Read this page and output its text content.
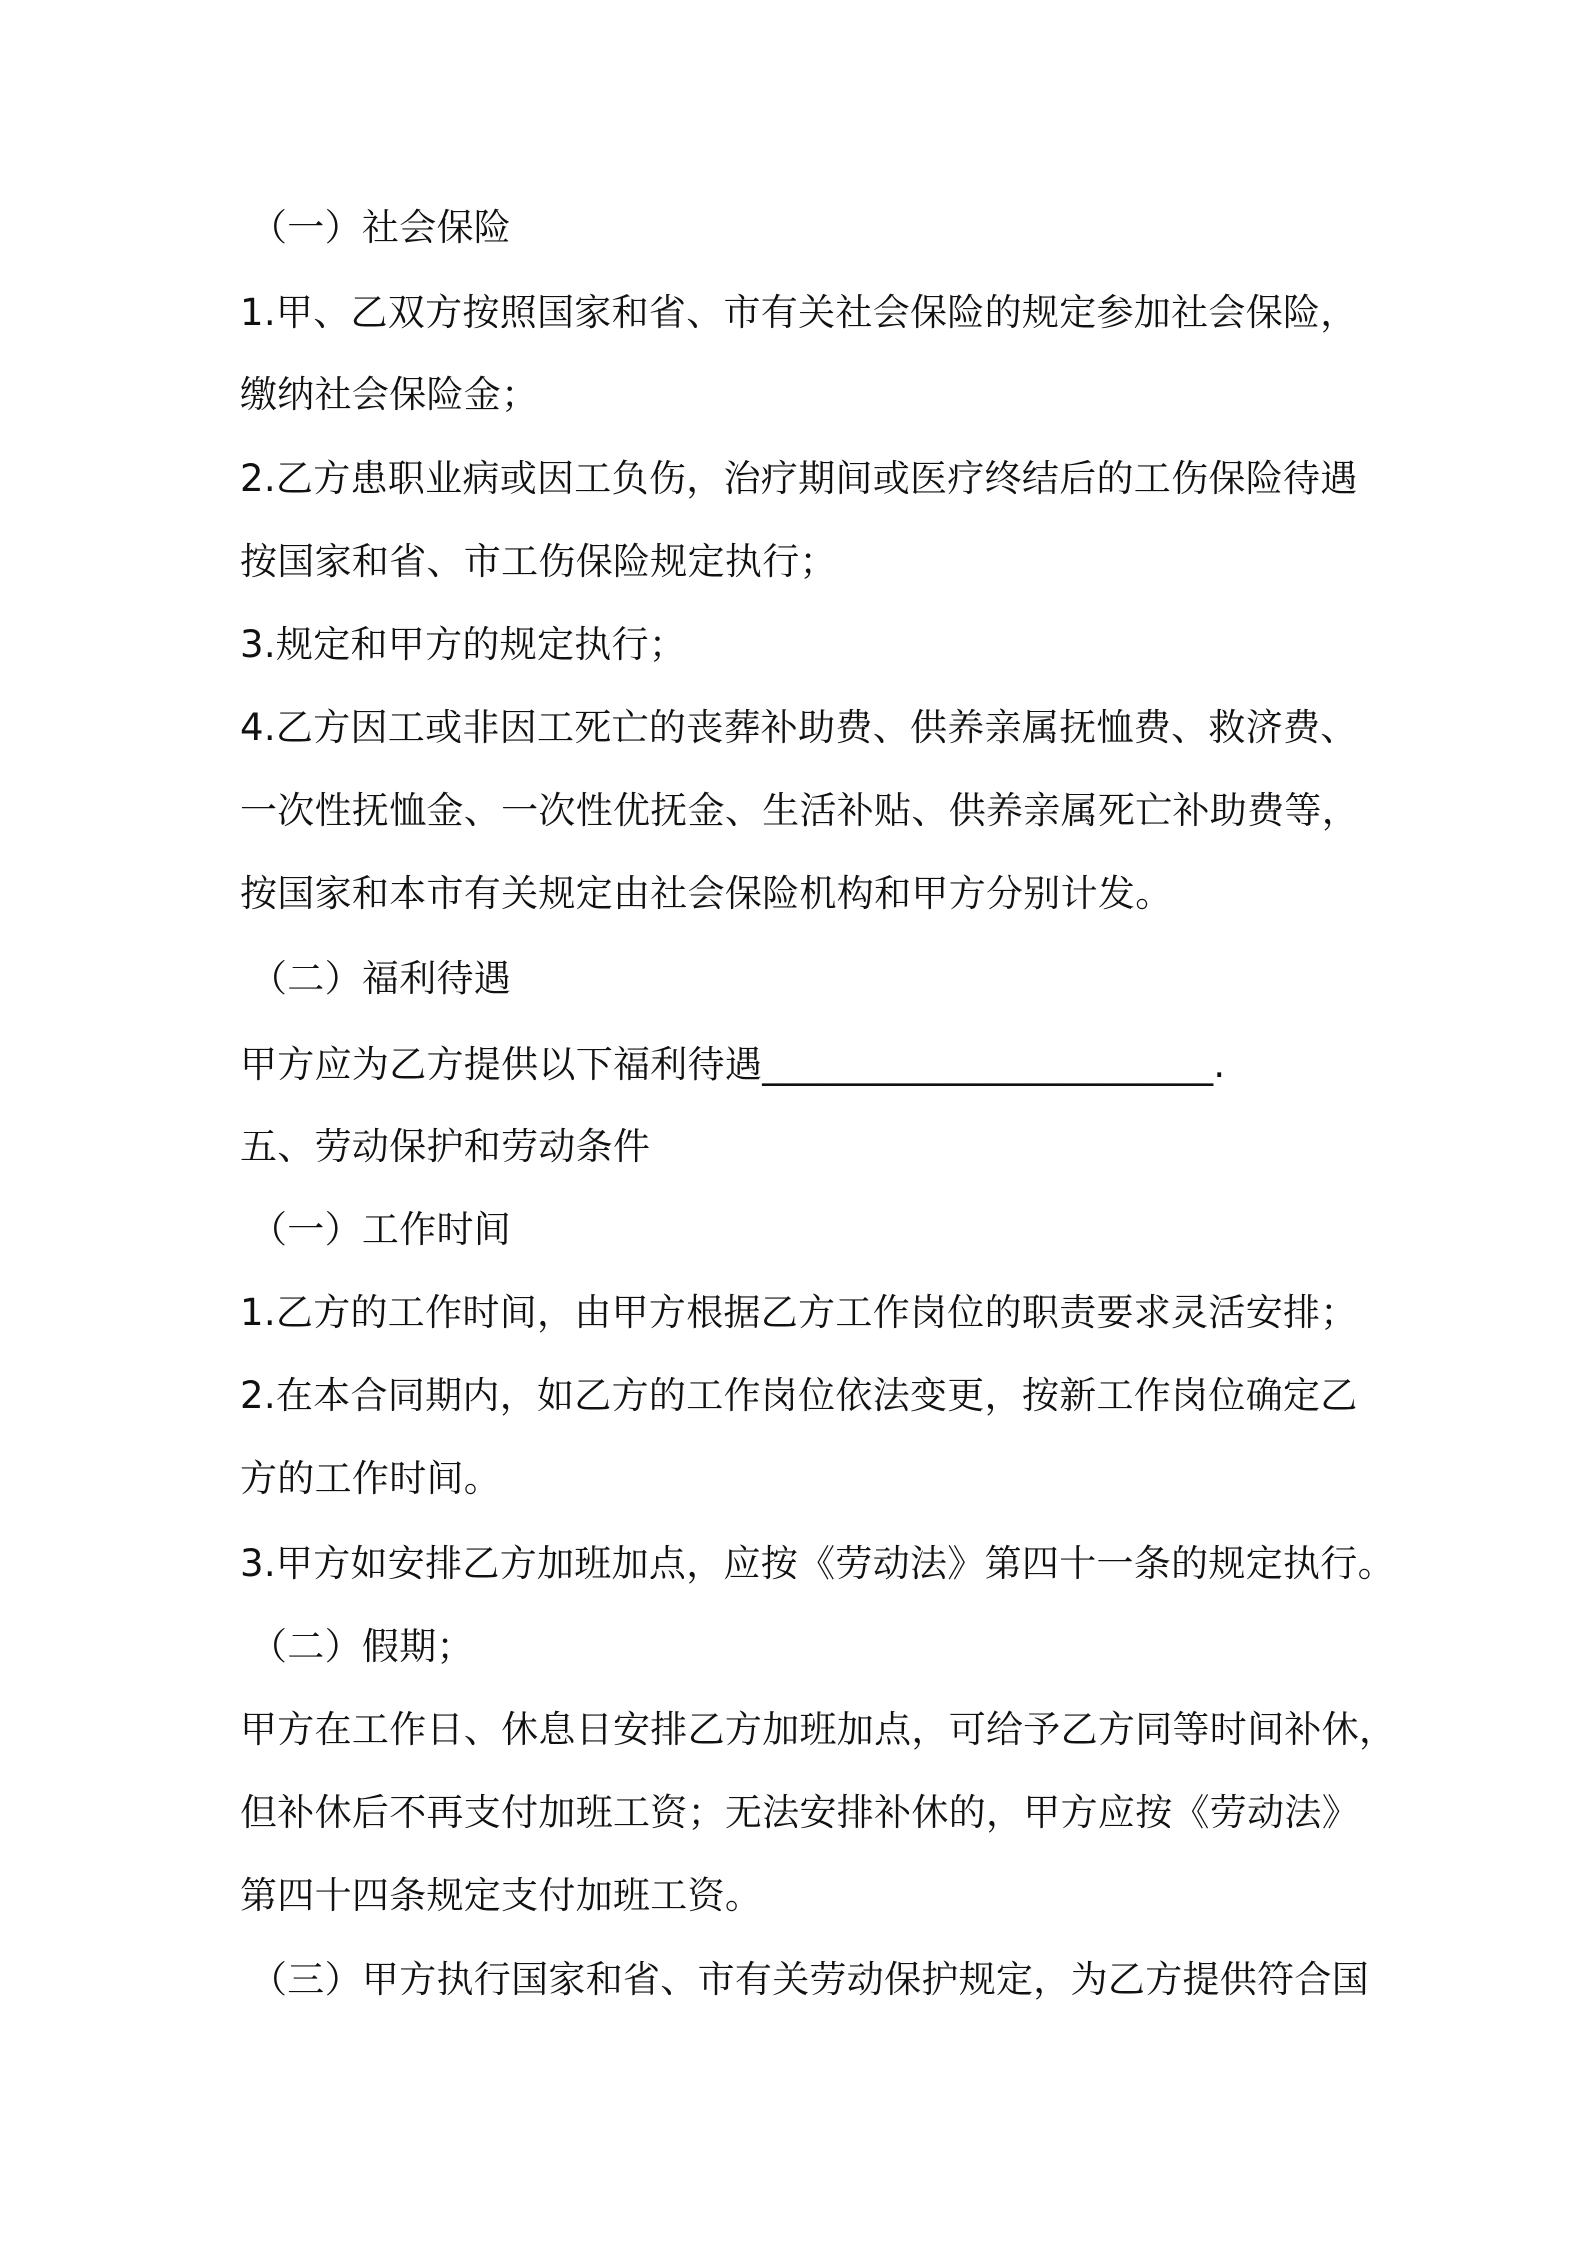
（一）社会保险
1.甲、乙双方按照国家和省、市有关社会保险的规定参加社会保险，
缴纳社会保险金；
2.乙方患职业病或因工负伤，治疗期间或医疗终结后的工伤保险待遇
按国家和省、市工伤保险规定执行；
3.规定和甲方的规定执行；
4.乙方因工或非因工死亡的丧葬补助费、供养亲属抚恤费、救济费、
一次性抚恤金、一次性优抚金、生活补贴、供养亲属死亡补助费等，
按国家和本市有关规定由社会保险机构和甲方分别计发。
（二）福利待遇
甲方应为乙方提供以下福利待遇________________________.
五、劳动保护和劳动条件
（一）工作时间
1.乙方的工作时间，由甲方根据乙方工作岗位的职责要求灵活安排；
2.在本合同期内，如乙方的工作岗位依法变更，按新工作岗位确定乙
方的工作时间。
3.甲方如安排乙方加班加点，应按《劳动法》第四十一条的规定执行。
（二）假期；
甲方在工作日、休息日安排乙方加班加点，可给予乙方同等时间补休，
但补休后不再支付加班工资；无法安排补休的，甲方应按《劳动法》
第四十四条规定支付加班工资。
（三）甲方执行国家和省、市有关劳动保护规定，为乙方提供符合国
